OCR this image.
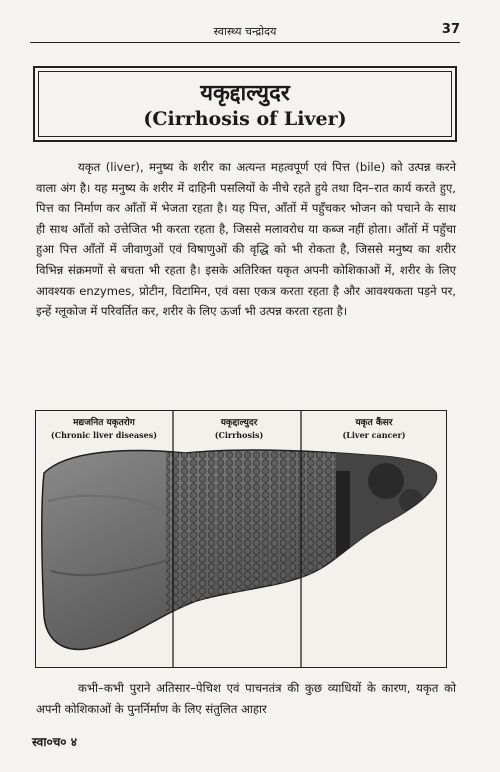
स्वास्थ्य चन्द्रोदय	37
यकृद्दाल्युदर
(Cirrhosis of Liver)

यकृत (liver), मनुष्य के शरीर का अत्यन्त महत्वपूर्ण एवं पित्त (bile) को उत्पन्न करने वाला अंग है। यह मनुष्य के शरीर में दाहिनी पसलियों के नीचे रहते हुये तथा दिन–रात कार्य करते हुए, पित्त का निर्माण कर आँतों में भेजता रहता है। यह पित्त, आँतों में पहुँचकर भोजन को पचाने के साथ ही साथ आँतों को उत्तेजित भी करता रहता है, जिससे मलावरोध या कब्ज नहीं होता। आँतों में पहुँचा हुआ पित्त आँतों में जीवाणुओं एवं विषाणुओं की वृद्धि को भी रोकता है, जिससे मनुष्य का शरीर विभिन्न संक्रमणों से बचता भी रहता है। इसके अतिरिक्त यकृत अपनी कोशिकाओं में, शरीर के लिए आवश्यक enzymes, प्रोटीन, विटामिन, एवं वसा एकत्र करता रहता है और आवश्यकता पड़ने पर, इन्हें ग्लूकोज में परिवर्तित कर, शरीर के लिए ऊर्जा भी उत्पन्न करता रहता है।

मद्यजनित यकृतरोग
(Chronic liver diseases)
यकृद्दाल्युदर
(Cirrhosis)
यकृत कैंसर
(Liver cancer)

कभी–कभी पुराने अतिसार–पेचिश एवं पाचनतंत्र की कुछ व्याधियों के कारण, यकृत को अपनी कोशिकाओं के पुनर्निर्माण के लिए संतुलित आहार

स्वा०च० ४
